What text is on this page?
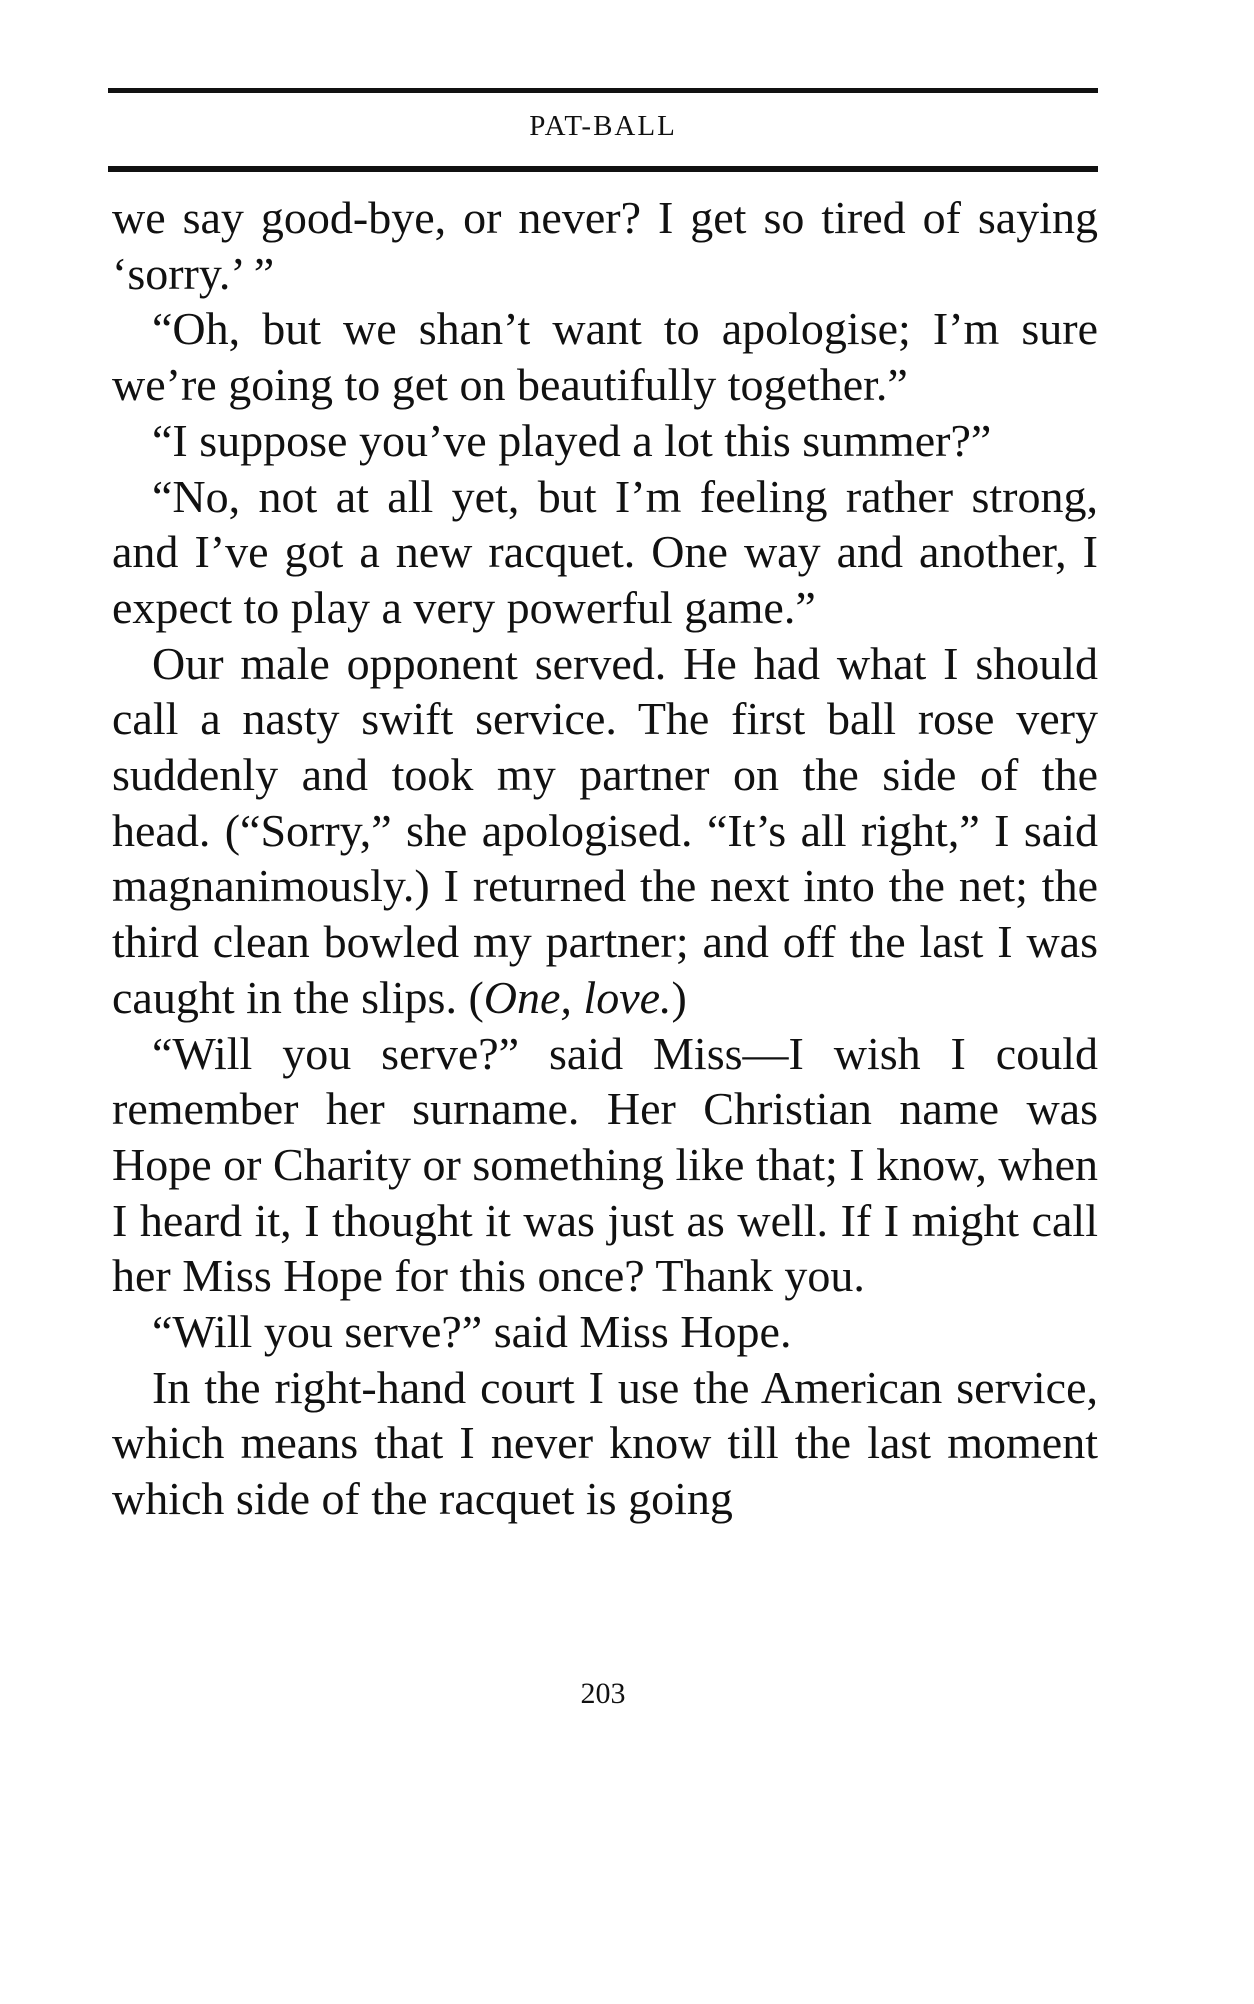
PAT-BALL

we say good-bye, or never? I get so tired of saying ‘sorry.’ ”

“Oh, but we shan’t want to apologise; I’m sure we’re going to get on beautifully together.”

“I suppose you’ve played a lot this summer?”

“No, not at all yet, but I’m feeling rather strong, and I’ve got a new racquet. One way and another, I expect to play a very powerful game.”

Our male opponent served. He had what I should call a nasty swift service. The first ball rose very suddenly and took my partner on the side of the head. (“Sorry,” she apologised. “It’s all right,” I said magnanimously.) I returned the next into the net; the third clean bowled my partner; and off the last I was caught in the slips. (One, love.)

“Will you serve?” said Miss—I wish I could remember her surname. Her Christian name was Hope or Charity or something like that; I know, when I heard it, I thought it was just as well. If I might call her Miss Hope for this once? Thank you.

“Will you serve?” said Miss Hope.

In the right-hand court I use the American service, which means that I never know till the last moment which side of the racquet is going

203
